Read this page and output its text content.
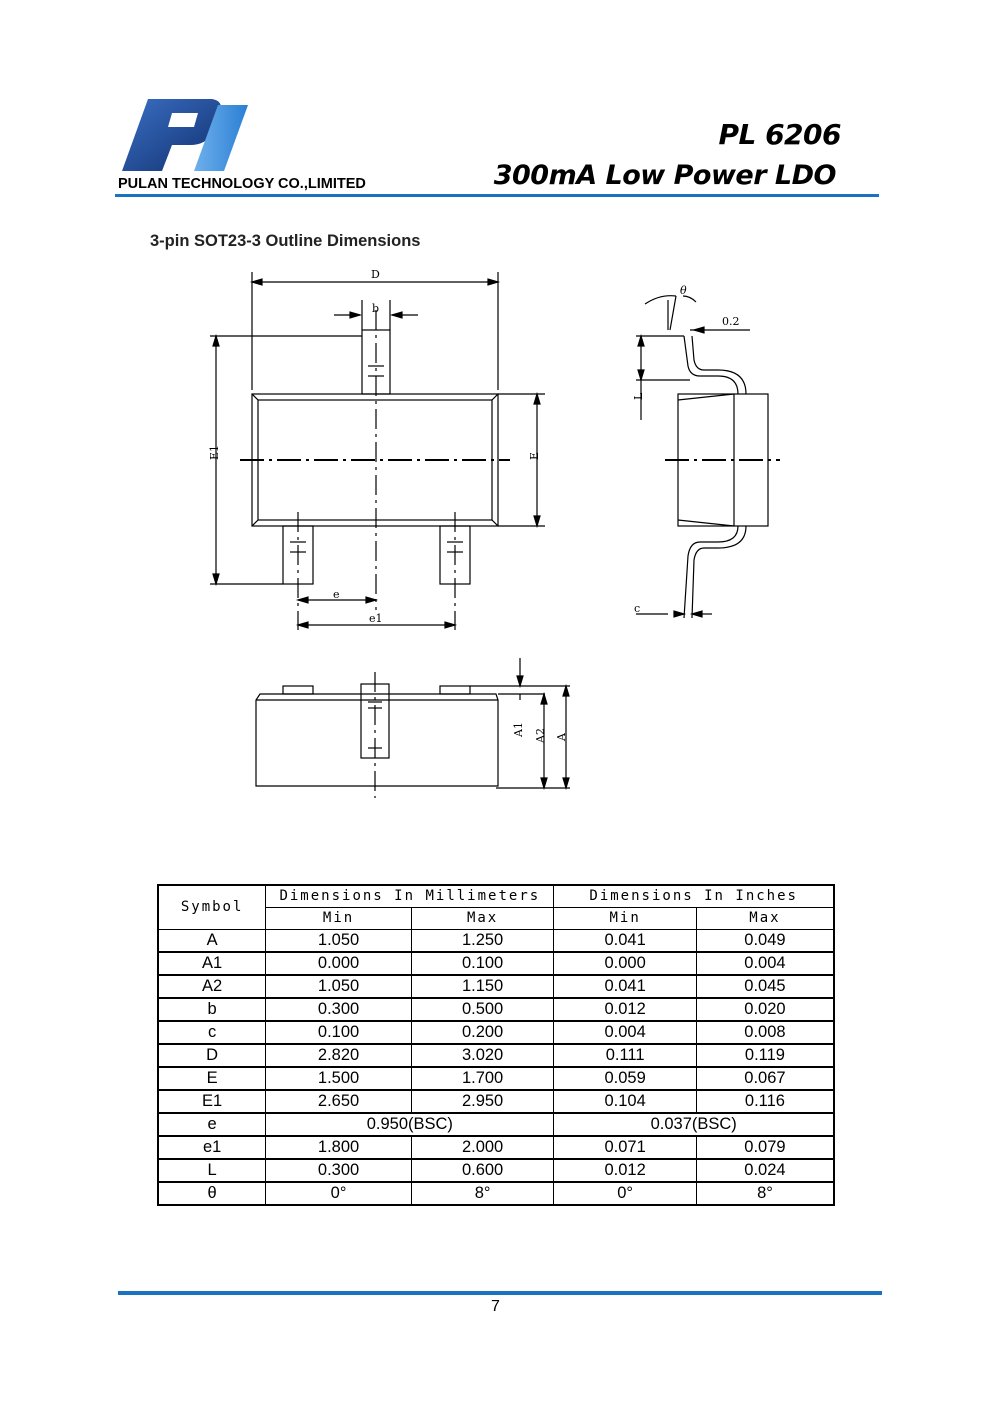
PULAN TECHNOLOGY CO.,LIMITED
PL 6206
300mA Low Power LDO
3-pin SOT23-3 Outline Dimensions
D
b
E1	E
e
e1
θ
0.2
L
c
A1 A2 A
Symbol	Dimensions In Millimeters		Dimensions In Inches	
	Min	Max	Min	Max
A	1.050	1.250	0.041	0.049
A1	0.000	0.100	0.000	0.004
A2	1.050	1.150	0.041	0.045
b	0.300	0.500	0.012	0.020
c	0.100	0.200	0.004	0.008
D	2.820	3.020	0.111	0.119
E	1.500	1.700	0.059	0.067
E1	2.650	2.950	0.104	0.116
e	0.950(BSC)		0.037(BSC)	
e1	1.800	2.000	0.071	0.079
L	0.300	0.600	0.012	0.024
θ	0°	8°	0°	8°
7
